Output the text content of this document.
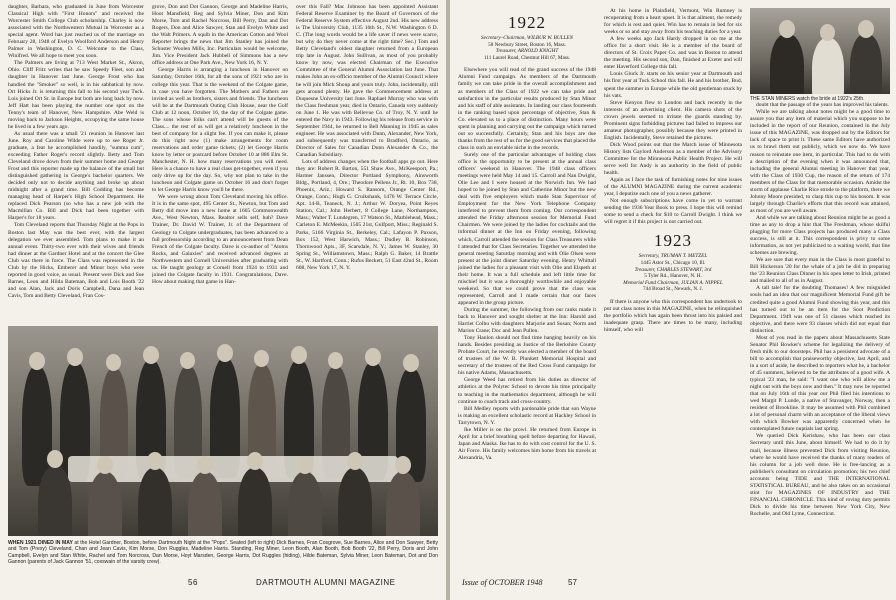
daughter, Barbara, who graduated in June from Worcester Classical High with "First Honors" and received the Worcester Smith College Club scholarship. Charley is now associated with the Northwestern Mutual in Worcester as a special agent. Word has just reached us of the marriage on February 28, 1948 of Evelyn Woolford Anderson and Henry Palmer in Washington, D. C. Welcome to the Class, Winifred. We all hope to meet you soon.

The Palmers are living at 713 West Market St., Akron, Ohio. Cliff Fritz writes that he saw Speedy Fleet, son and daughter in Hanover last June. George Frost who has handled the "Smoker" so well, is in his sabbatical by now. Ort Hicks Jr. is returning this fall to his second year Tuck. Lois joined Ort Sr. in Europe but both are long back by now. Jeff Hatt has been playing the number one spot on the Tenny's team of Hanover, New Hampshire. Abe Weld is moving back to Jackson Heights, occupying the same house he lived in a few years ago.

As usual there was a small '21 reunion in Hanover last June. Roy and Caroline Wilde were up to see Roger Jr. graduate, a feat he accomplished handily, "summa cum", exceeding Father Roger's record slightly. Betty and Tom Cleveland drove down from their summer home and George Frost and this reporter made up the balance of the small but distinguished gathering in George's bachelor quarters. We decided only not to decide anything and broke up about midnight after a grand time. Bill Codding has become managing head of Harper's High School Department. He replaced Dick Pearson (so who has a new job with the Macmillan Co. Bill and Dick had been together with Harper's for 18 years.

Tom Cleveland reports that Thursday Night at the Pops in Boston last May was the best ever, with the largest delegation we ever assembled. Tom plans to make it an annual event. Thirty-two ever with their wives and friends had dinner at the Gardner Hotel and at the concert the Glee Club was there in force. The Class was represented in the Club by the Hicks, Emberer and Minor boys who were reported in good voice, as usual. Present were Dick and Sue Barnes, Leon and Hilda Bateman, Bob and Lois Booth '22 and son Alan, Jack and Doris Campbell, Dana and Jean Cavis, Tom and Betty Cleveland, Fran Cos-

grove, Don and Dot Gannon, George and Madeline Harris, Hoot Mansfield, Reg and Sylvia Miner, Don and Kim Morse, Tom and Rachel Norcross, Bill Perry, Dan and Dot Rogers, Don and Alice Sawyer, Stan and Evelyn White and the Walt Primers. A squib in the American Cotton and Wool Reporter brings the news that Jim Stanley has joined the Schuster Woolen Mills, Inc. Particulars would be welcome, Jim. Vice President Jack Hubbell of Simmons has a new office address at One Park Ave., New York 16, N. Y.

George Harris is arranging a luncheon in Hanover on Saturday, October 16th, for all the sons of 1921 who are in college this year. That is the weekend of the Colgate game, in case you have forgotten. The Mothers and Fathers are invited as well as brothers, sisters and friends. The luncheon will be at the Dartmouth Outing Club House, near the Golf Club at 12 noon, October 16, the day of the Colgate game. The sons whose folks can't attend will be guests of the Class.... the rest of us will get a relatively luncheon in the best of company for a slight fee. If you can make it, please do this right now (1) make arrangements for room reservations and order game tickets; (2) let George Harris know by letter or postcard before October 10 at 886 Elm St. Manchester, N. H. how many reservations you will need. Here is a chance to have a real class get-together, even if you only drive up for the day. So, why not plan to take in the luncheon and Colgate game on October 16 and don't forget to let George Harris know you'll be there.

We were wrong about Tom Cleveland moving his office. It is in the same spot, 495 Center St., Newton, but Tom and Betty did move into a new home at 1665 Commonwealth Ave., West Newton, Mass. Realtor sells self, huh? Dave Trainer, Dr. David W. Trainer, Jr. of the Department of Geology to Colgate undergraduates, has been advanced to a full professorship according to an announcement from Dean French of the Colgate faculty. Dave is co-author of "Atoms Rocks, and Galaxies" and received advanced degrees at Northwestern and Cornell Universities after graduating with us. He taught geology at Cornell from 1924 to 1931 and joined the Colgate faculty in 1931. Congratulations, Dave. How about making that game in Han-

over this Fall? Mac Johnson has been appointed Assistant Federal Reserve Examiner by the Board of Governors of the Federal Reserve System effective August 2nd. His new address is The University Club, 1135 16th St., N.W. Washington 6 D. C. (The long words would be a life saver if news were scarce, but why do they never come at the right time? Sec.) Tom and Betty Cleveland's oldest daughter returned from a European trip late in August. John Sullivan, as most of you probably know by now, was elected Chairman of the Executive Committee of the General Alumni Association last June. That makes John an ex-officio member of the Alumni Council where he will join Mick Shoup and yours truly. John, incidentally, still gets around plenty. He gave the Commencement address at Duquesne University last June. Raphael Murray who was with the Class freshman year, died in Ontario, Canada very suddenly on June 1. He was with Bellevue Co. of Troy, N. Y. until he entered the Navy in 1943. Following his release from service in September 1944, he returned to Bell Manning in 1945 as sales engineer. He was associated with Dunn, Alexander, New York, and subsequently was transferred to Bradford, Ontario, as Director of Sales for Canadian Dunn Alexander & Co., the Canadian Subsidiary.

Lots of address changes when the football apps go out. Here they are: Robert R. Barton, 551 Shaw Ave., McKeesport, Pa.; Harmer Janssen, Director Portland Symphony, Ainsworth Bldg., Portland, 4, Ore.; Theodore Pellens Jr., Rt. 10, Box 738, Phoenix, Ariz.; Howard S. Ransom, Orange Center Rd., Orange, Conn.; Hugh G. Cruikshank, 1476 W. Terrace Circle, Apt. 14-B, Teaneck, N. J.; Arthur W. Doryea, Point Reyes Station, Cal.; John Herbert, 8 College Lane, Northampton, Mass.; Walter T. Lundegren, 17 Watson St., Marblehead, Mass.; Carleton E. McMeekin, 1505 21st, Gulfport, Miss.; Reginald S. Parks, 5166 Virginia St., Berkeley, Cal.; Lafayon P. Paxson, Box 152, West Harwich, Mass.; Dudley B. Robinson, Thornwood Apts., 3F, Scarsdale, N. Y.; James W. Stanley, 30 Spring St., Williamstown, Mass.; Ralph G. Baker, 14 Brattle St., W. Hartford, Conn.; Rufus Beckett, 51 East 42nd St., Room 608, New York 17, N. Y.

WHEN 1921 DINED IN MAY at the Hotel Gardner, Boston, before Dartmouth Night at the "Pops". Seated (left to right) Dick Barnes, Fran Cosgrove, Sue Barnes, Alice and Don Sawyer, Betty and Tom (Prexy) Cleveland, Chan and Jean Cavis, Kim Morse, Don Ruggles, Madeline Harris. Standing, Reg Miner, Leon Booth, Alan Booth, Bob Booth '22, Bill Perry, Doris and John Campbell, Evelyn and Stan White, Rachel and Tom Norcross, Dan Morse, Hoyt Marsden, George Harris, Dot Ruggles (hiding), Hilde Bateman, Sylvia Miner, Leon Bateman, Dot and Don Gannon (parents of Jack Gannon '51, coxswain of the varsity crew).
56	DARTMOUTH ALUMNI MAGAZINE
1922

Secretary–Chairman, WILBUR W. BULLEN

58 Newbury Street, Boston 16, Mass.

Treasurer, ARNOLD KNIGHT

111 Laurel Road, Chestnut Hill 67, Mass.

Elsewhere you will read of the grand success of the 1948 Alumni Fund campaign. As members of the Dartmouth family we can take pride in the overall accomplishment and as members of the Class of 1922 we can take pride and satisfaction in the particular results produced by Stan Minor and his staff of able assistants. In landing our class fourteenth in the ranking based upon percentage of objective, Stan & Co. elevated us to a place of distinction. Many hours were spent in planning and carrying out the campaign which turned out so successfully. Certainly, Stan and his boys are due thanks from the rest of us for the good services that placed the class in such an enviable niche in the records.

Surely one of the particular advantages of holding class office is the opportunity to be present at the annual class officers' weekend in Hanover. The 1948 class officers meetings were held May 14 and 15. Carroll and Nan Dwight, Olie Lee and I were housed at the Norwich Inn. We had hoped to be joined by Stan and Catherine Minor but the new deal with five employers which made Stan Supervisor of Employment for the New York Telephone Company interfered to prevent them from coming. Our correspondent attended the Friday afternoon session for Memorial Fund Chairmen. We were joined by the ladies for cocktails and the informal dinner at the Inn on Friday evening, following which, Carroll attended the session for Class Treasurers while I attended that for Class Secretaries. Together we attended the general meeting Saturday morning and with Olie Olsen were present at the joint dinner Saturday evening. Henry Whittall joined the ladies for a pleasant visit with Olie and Elspeth at their home. It was a full schedule and left little time for mischief but it was a thoroughly worthwhile and enjoyable weekend. So that we could prove that the class was represented, Carroll and I made certain that our faces appeared in the group picture.

During the summer, the following from our ranks made it back to Hanover and sought shelter at the Inn: Harold and Harriet Colbu with daughters Marjorie and Susan; Norm and Marion Crane; Doc and Jean Pullen.

Tony Hanlon should not find time hanging heavily on his hands. Besides presiding as Justice of the Berkshire County Probate Court, he recently was elected a member of the board of trustees of the W. B. Plunkett Memorial Hospital and secretary of the trustees of the Red Cross Fund campaign for his native Adams, Massachusetts.

George Weed has retired from his duties as director of athletics at the Polytec School to devote his time principally to teaching in the mathematics department, although he will continue to coach track and cross-country.

Bill Medley reports with pardonable pride that son Wayne is making an excellent scholastic record at Hackley School in Tarrytown, N. Y.

Ike Miller is on the prowl. He returned from Europe in April for a brief breathing spell before departing for Hawaii, Japan and Alaska. Ike has to do with cost control for the U. S. Air Force. His family welcomes him home from his travels at Alexandria, Va.

At his home in Plainfield, Vermont, Win Rumney is recuperating from a heart upset. It is that ailment, the remedy for which is rest and quiet. Win has to remain in bed for six weeks or so and stay away from his teaching duties for a year.

A few weeks ago Jack Hardy dropped in on me at the office for a short visit. He is a member of the board of directors of St. Croix Paper Co. and was in Boston to attend the meeting. His second son, Dan, finished at Exeter and will enter Haverford College this fall.

Louis Gluck Jr. starts on his senior year at Dartmouth and his first year at Tuck School this fall. He and his brother, Bud, spent the summer in Europe while the old gentleman stuck by his vats.

Steve Kenyon flew to London and back recently in the interests of an advertising client. His camera shots of the crown jewels seemed to irritate the guards standing by. Prominent signs forbidding pictures had failed to impress our amateur photographer, possibly because they were printed in English. Incidentally, Steve retained the pictures.

Dick Wood points out that the March issue of Minnesota History lists Gaylord Anderson as a member of the Advisory Committee for the Minnesota Public Health Project. He will serve well for Andy is an authority in the field of public health.

Again as I face the task of furnishing notes for nine issues of the ALUMNI MAGAZINE during the current academic year, I deputize each one of you a news gatherer.

Not enough subscriptions have come in yet to warrant sending the 1936 Year Book to press. I hope this will remind some to send a check for $10 to Carroll Dwight. I think we will regret it if this project is not carried out.

1923

Secretary, TRUMAN T. METZEL

1445 Astor St., Chicago 10, Ill.

Treasurer, CHARLES STEWART, 3rd

5 Tyler Rd., Hanover, N. H.

Memorial Fund Chairman, JULIAN A. NIPPEL

744 Broad St., Newark, N. J.

If there is anyone who this correspondent has undertook to put out class notes in this MAGAZINE, when he relinquished the portfolio which has again been thrust into his palsied and inadequate grasp. There are times to be many, including himself, who will

THE STAN MINERS watch the bride at 1922's 25th.

doubt that the passage of the years has improved his talents.

While we are talking about notes might be a good time to assure you that any item of material which you suppose to be included in the report of our Reunion, contained in the July issue of this MAGAZINE, was dropped out by the Editors for lack of space to print it. These same Editors have authorized us to brawl them out publicly, which we now do. We have reason to reinstate one item, in particular. This had to do with a description of the evening when it was announced that, including the general Alumni meeting in Hanover that year, with the Class of 1930 Cup, the reason of the return of 174 members of the Class for that memorable occasion. Amidst the storm of applause Charlie Rice strode to the platform, there we Johnny Moore presided, to clasp this cup to his bosom. It was largely through Charlie's efforts that this record was attained, as most of you are well aware.

And while we are talking about Reunion might be as good a time as any to drop a hint that The Freshman, whose skilful plugging for more Class projects has produced many a Class success, is still at it. This correspondent is privy to some information, as not yet publicized to a waiting world, that line schemes are brewing.

We are sure that every man in the Class is most grateful to Bill Hickerson '20 for the whale of a job he did in preparing the '23 Reunion Class Dinner in his open letter to Irish, printed and mailed to all of us in August.

A tall tale! for the doubting Thomases! A few misguided souls had an idea that our magnificent Memorial Fund gift be credited quite a good Alumni Fund showing this year, and this has turned out to be an item for the Soot Prediction Department. 1949 was one of 51 classes which reached its objective, and there were 93 classes which did not equal that distinction.

Most of you read in the papers about Massachusetts State Senator Phil Bowker's scheme for legalizing the delivery of fresh milk to our doorsteps. Phil has a persistent advocate of a bill to accomplish that praiseworthy objective, last April, and in a sort of aside, he described to reporters what he, a bachelor of 45 summers, believed to be the attributes of a good wife. A typical '23 man, he said: "I want one who will allow me a night out with the boys now and then." It may now be reported that on July 16th of this year our Phil filed his intentions to wed Margit P. Lunde, a native of Stavanger, Norway, then a resident of Brookline. It may be assumed with Phil combined a lot of personal charm with an acceptance of the liberal views with which Bowker was apparently concerned when he contemplated future nuptials last spring.

We queried Dick Kerishaw, who has been our class Secretary until this June, about himself. We had to do it by mail, because illness prevented Dick from visiting Reunion, where he would have received the thanks of many readers of his column for a job well done. He is free-lancing as a publisher's consultant on circulation promotion; his two chief accounts being TIDE and THE INTERNATIONAL STATISTICAL BUREAU, and he also takes on an occasional stint for MAGAZINES OF INDUSTRY and THE FINANCIAL CHRONICLE. This kind of roving duty permits Dick to divide his time between New York City, New Rochelle, and Old Lyme, Connecticut.

Issue of OCTOBER 1948	57
